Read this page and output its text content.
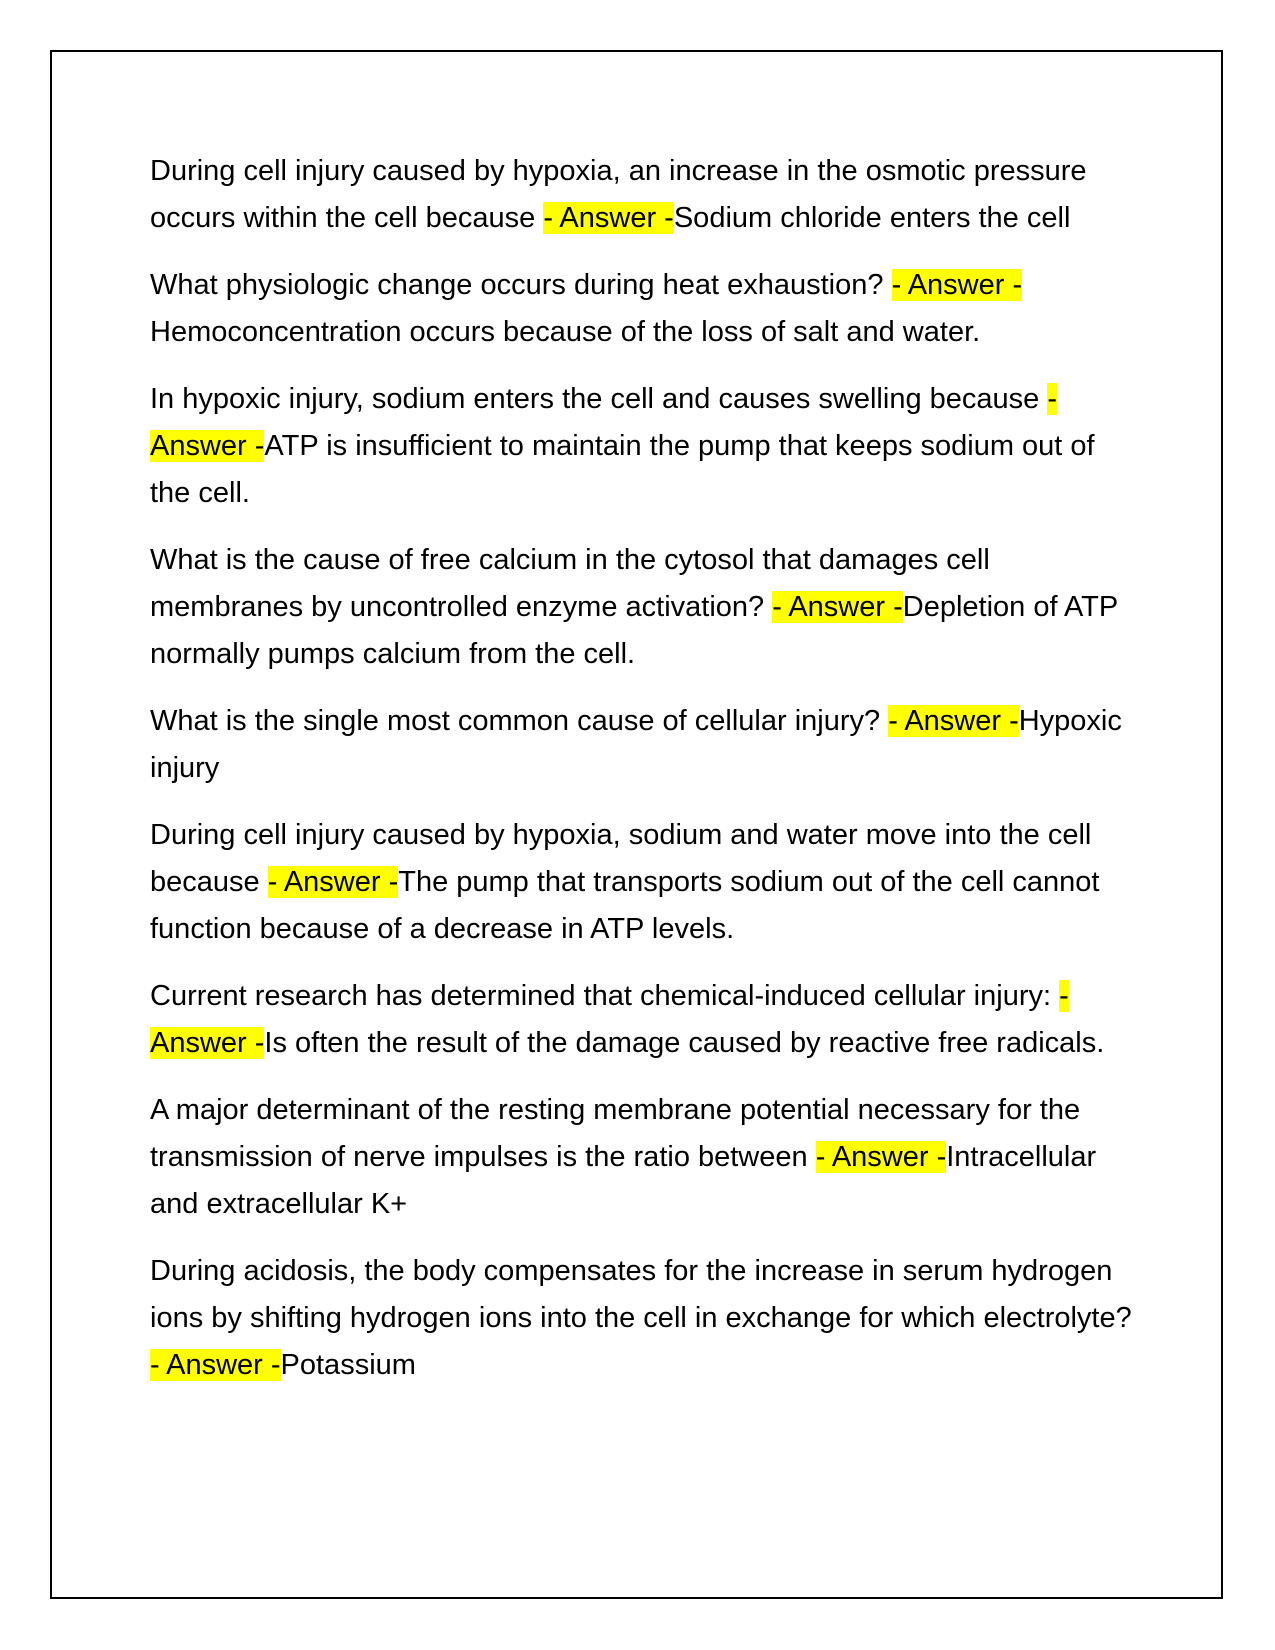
During cell injury caused by hypoxia, an increase in the osmotic pressure occurs within the cell because - Answer -Sodium chloride enters the cell

What physiologic change occurs during heat exhaustion? - Answer -Hemoconcentration occurs because of the loss of salt and water.

In hypoxic injury, sodium enters the cell and causes swelling because - Answer -ATP is insufficient to maintain the pump that keeps sodium out of the cell.

What is the cause of free calcium in the cytosol that damages cell membranes by uncontrolled enzyme activation? - Answer -Depletion of ATP normally pumps calcium from the cell.

What is the single most common cause of cellular injury? - Answer -Hypoxic injury

During cell injury caused by hypoxia, sodium and water move into the cell because - Answer -The pump that transports sodium out of the cell cannot function because of a decrease in ATP levels.

Current research has determined that chemical-induced cellular injury: - Answer -Is often the result of the damage caused by reactive free radicals.

A major determinant of the resting membrane potential necessary for the transmission of nerve impulses is the ratio between - Answer -Intracellular and extracellular K+

During acidosis, the body compensates for the increase in serum hydrogen ions by shifting hydrogen ions into the cell in exchange for which electrolyte? - Answer -Potassium
